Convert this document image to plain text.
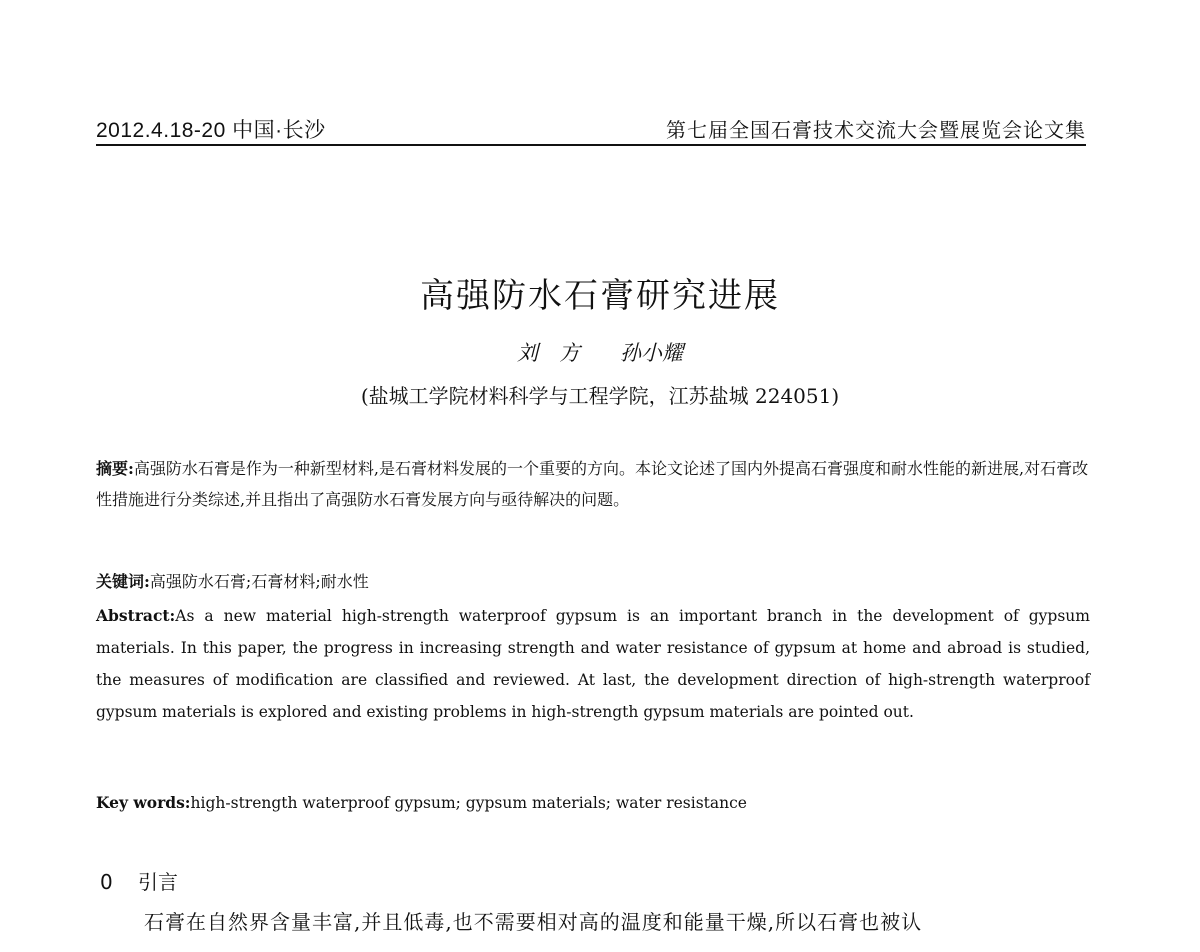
2012.4.18-20 中国·长沙	第七届全国石膏技术交流大会暨展览会论文集
高强防水石膏研究进展
刘　方 孙小耀
(盐城工学院材料科学与工程学院，江苏盐城 224051)
摘要:高强防水石膏是作为一种新型材料,是石膏材料发展的一个重要的方向。本论文论述了国内外提高石膏强度和耐水性能的新进展,对石膏改性措施进行分类综述,并且指出了高强防水石膏发展方向与亟待解决的问题。
关键词:高强防水石膏;石膏材料;耐水性
Abstract:As a new material high-strength waterproof gypsum is an important branch in the development of gypsum materials. In this paper, the progress in increasing strength and water resistance of gypsum at home and abroad is studied, the measures of modification are classified and reviewed. At last, the development direction of high-strength waterproof gypsum materials is explored and existing problems in high-strength gypsum materials are pointed out.
Key words:high-strength waterproof gypsum; gypsum materials; water resistance
0 引言
石膏在自然界含量丰富,并且低毒,也不需要相对高的温度和能量干燥,所以石膏也被认
